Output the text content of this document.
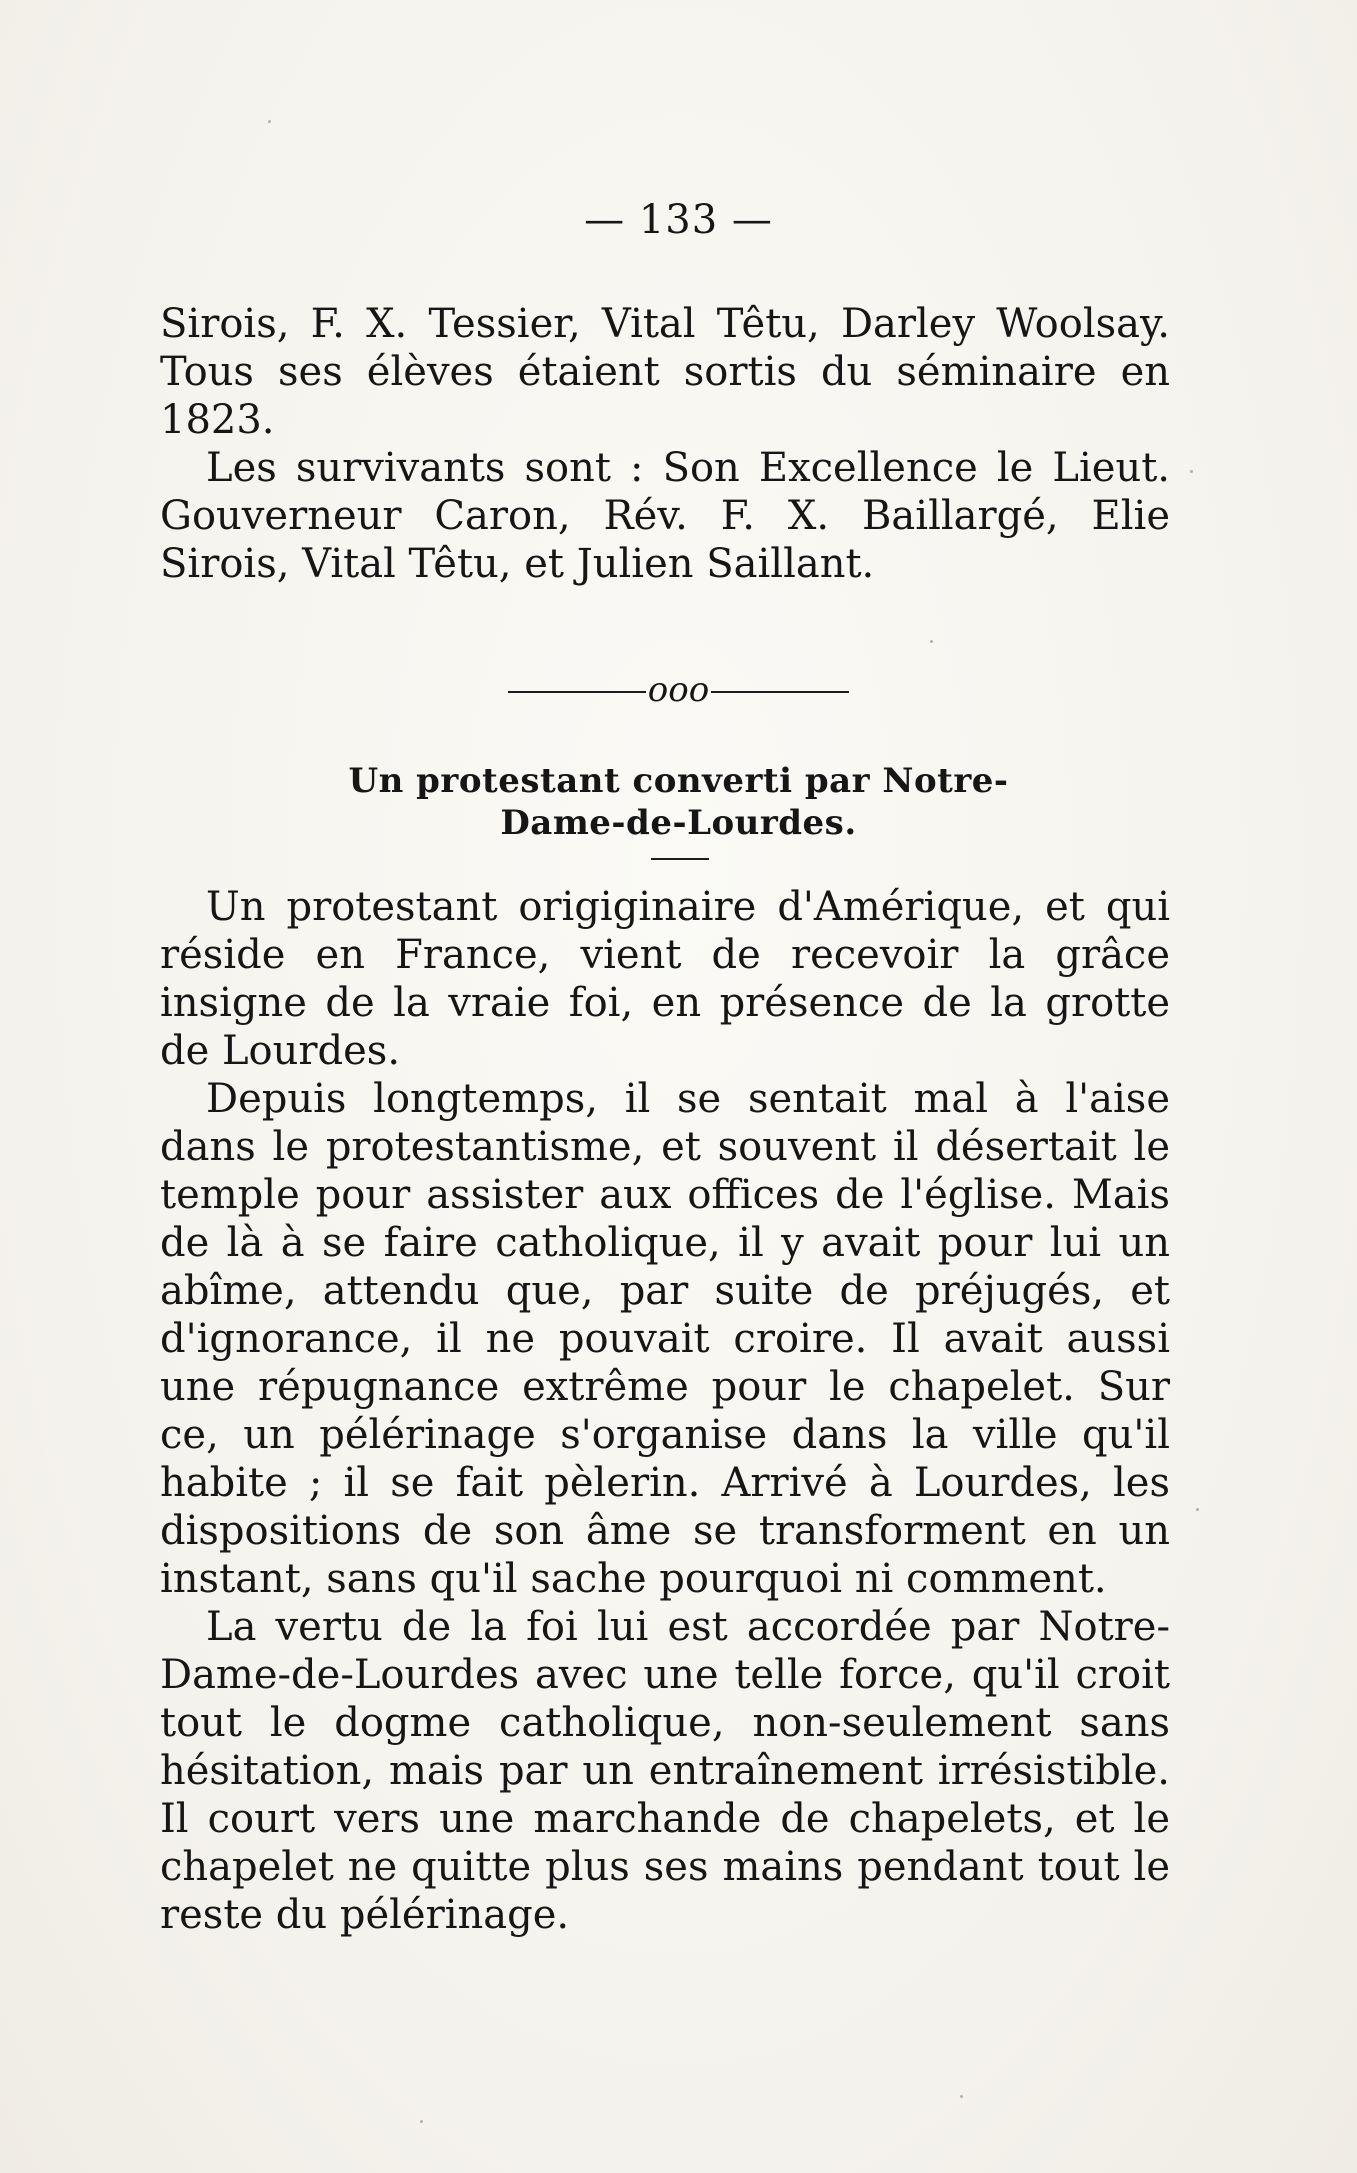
— 133 —

Sirois, F. X. Tessier, Vital Têtu, Darley Woolsay. Tous ses élèves étaient sortis du séminaire en 1823.

Les survivants sont : Son Excellence le Lieut. Gouverneur Caron, Rév. F. X. Baillargé, Elie Sirois, Vital Têtu, et Julien Saillant.

ooo
Un protestant converti par Notre-
Dame-de-Lourdes.

Un protestant origiginaire d'Amérique, et qui réside en France, vient de recevoir la grâce insigne de la vraie foi, en présence de la grotte de Lourdes.

Depuis longtemps, il se sentait mal à l'aise dans le protestantisme, et souvent il désertait le temple pour assister aux offices de l'église. Mais de là à se faire catholique, il y avait pour lui un abîme, attendu que, par suite de préjugés, et d'ignorance, il ne pouvait croire. Il avait aussi une répugnance extrême pour le chapelet. Sur ce, un pélérinage s'organise dans la ville qu'il habite ; il se fait pèlerin. Arrivé à Lourdes, les dispositions de son âme se transforment en un instant, sans qu'il sache pourquoi ni comment.

La vertu de la foi lui est accordée par Notre-Dame-de-Lourdes avec une telle force, qu'il croit tout le dogme catholique, non-seulement sans hésitation, mais par un entraînement irrésistible. Il court vers une marchande de chapelets, et le chapelet ne quitte plus ses mains pendant tout le reste du pélérinage.
